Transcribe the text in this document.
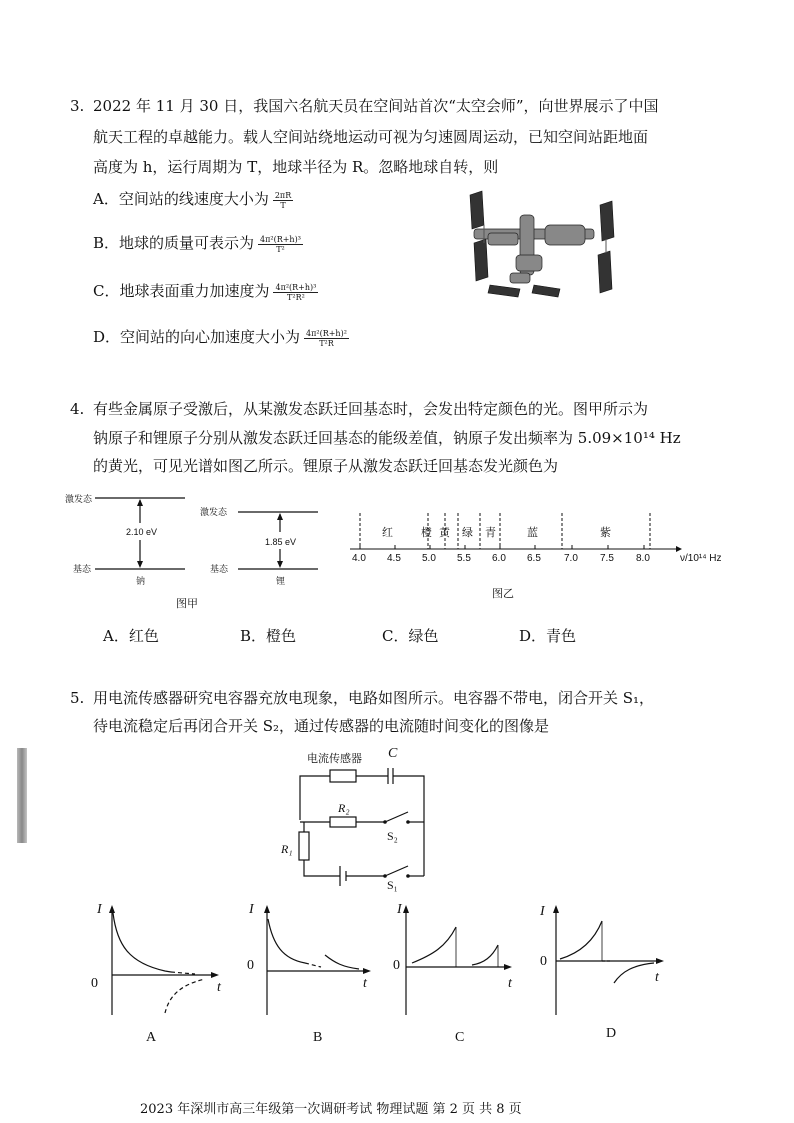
3. 2022 年 11 月 30 日，我国六名航天员在空间站首次“太空会师”，向世界展示了中国
航天工程的卓越能力。载人空间站绕地运动可视为匀速圆周运动，已知空间站距地面
高度为 h，运行周期为 T，地球半径为 R。忽略地球自转，则
A．空间站的线速度大小为 $\frac{2\pi R}{T}$
B．地球的质量可表示为 $\frac{\text{4π²(R+h)³}}{\text{T²}}$
C．地球表面重力加速度为 $\frac{\text{4π²(R+h)³}}{\text{T²R²}}$
D．空间站的向心加速度大小为 $\frac{\text{4π²(R+h)²}}{\text{T²R}}$
4. 有些金属原子受激后，从某激发态跃迁回基态时，会发出特定颜色的光。图甲所示为
钠原子和锂原子分别从激发态跃迁回基态的能级差值，钠原子发出频率为 5.09×10¹⁴ Hz
的黄光，可见光谱如图乙所示。锂原子从激发态跃迁回基态发光颜色为
激发态
2.10 eV
基态
钠
激发态
1.85 eV
基态
锂
图甲
红	橙 黄 绿 青	蓝	紫
4.0 4.5 5.0 5.5 6.0 6.5 7.0 7.5 8.0	ν/10¹⁴ Hz
图乙
A．红色	B．橙色	C．绿色	D．青色
5. 用电流传感器研究电容器充放电现象，电路如图所示。电容器不带电，闭合开关 S₁，
待电流稳定后再闭合开关 S₂，通过传感器的电流随时间变化的图像是
电流传感器 C
R₂
S₂
R₁
S₁
I
0	t
A
I
0
t
B
I
0
t
C
I
0
t
D
2023 年深圳市高三年级第一次调研考试 物理试题 第 2 页 共 8 页
